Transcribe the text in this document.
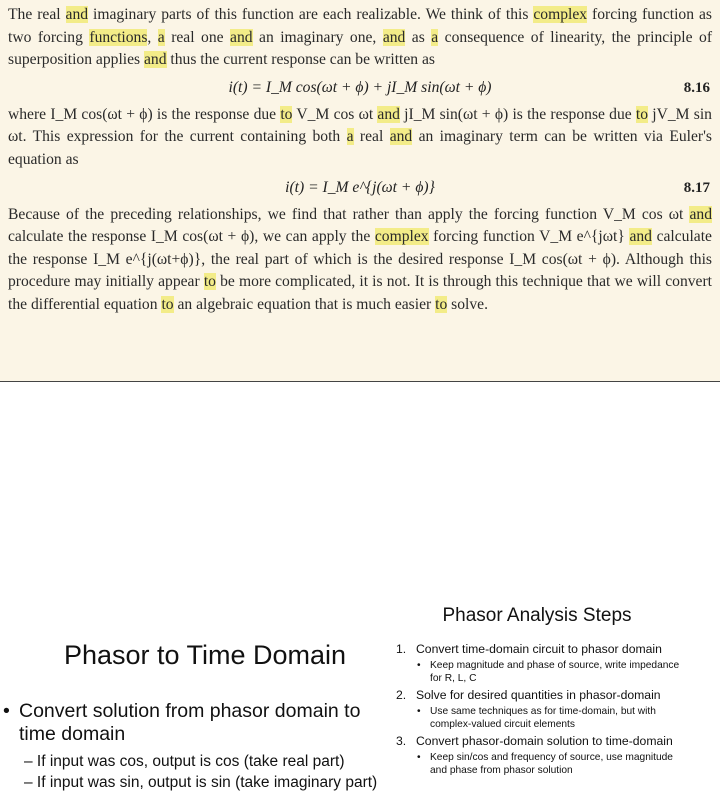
The real and imaginary parts of this function are each realizable. We think of this complex forcing function as two forcing functions, a real one and an imaginary one, and as a consequence of linearity, the principle of superposition applies and thus the current response can be written as

i(t) = I_M cos(ωt + ϕ) + jI_M sin(ωt + ϕ)	8.16

where I_M cos(ωt + ϕ) is the response due to V_M cos ωt and jI_M sin(ωt + ϕ) is the response due to jV_M sin ωt. This expression for the current containing both a real and an imaginary term can be written via Euler's equation as

i(t) = I_M e^{j(ωt + ϕ)}	8.17

Because of the preceding relationships, we find that rather than apply the forcing function V_M cos ωt and calculate the response I_M cos(ωt + ϕ), we can apply the complex forcing function V_M e^{jωt} and calculate the response I_M e^{j(ωt+ϕ)}, the real part of which is the desired response I_M cos(ωt + ϕ). Although this procedure may initially appear to be more complicated, it is not. It is through this technique that we will convert the differential equation to an algebraic equation that is much easier to solve.

Phasor to Time Domain
• Convert solution from phasor domain to time domain
– If input was cos, output is cos (take real part)
– If input was sin, output is sin (take imaginary part)
Phasor Analysis Steps
1. Convert time-domain circuit to phasor domain
• Keep magnitude and phase of source, write impedance for R, L, C
2. Solve for desired quantities in phasor-domain
• Use same techniques as for time-domain, but with complex-valued circuit elements
3. Convert phasor-domain solution to time-domain
• Keep sin/cos and frequency of source, use magnitude and phase from phasor solution
